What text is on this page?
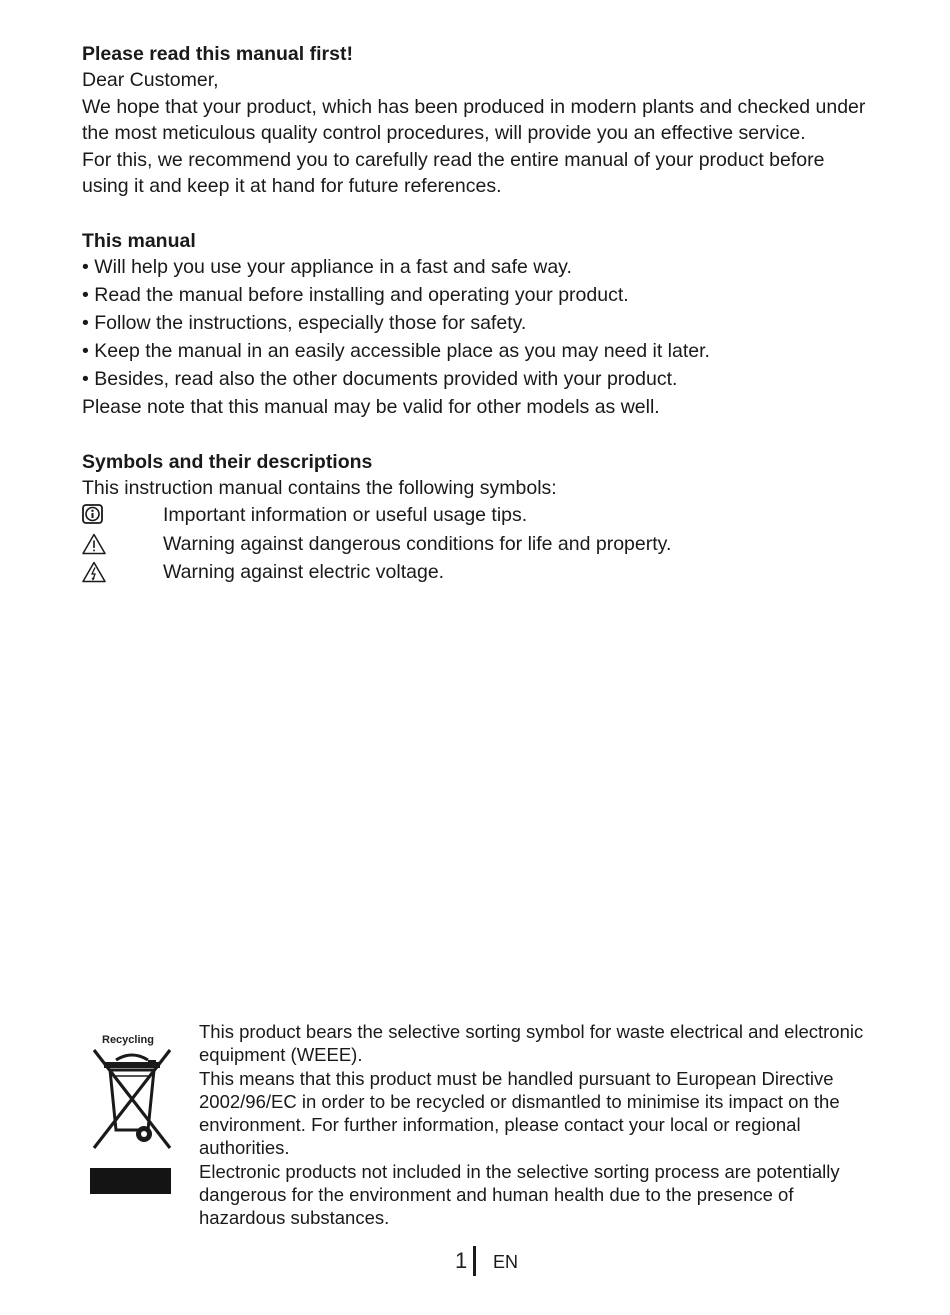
Please read this manual first!

Dear Customer,

We hope that your product, which has been produced in modern plants and checked under the most meticulous quality control procedures, will provide you an effective service.

For this, we recommend you to carefully read the entire manual of your product before using it and keep it at hand for future references.

This manual

• Will help you use your appliance in a fast and safe way.

• Read the manual before installing and operating your product.

• Follow the instructions, especially those for safety.

• Keep the manual in an easily accessible place as you may need it later.

• Besides, read also the other documents provided with your product.

Please note that this manual may be valid for other models as well.

Symbols and their descriptions

This instruction manual contains the following symbols:

Important information or useful usage tips.
Warning against dangerous conditions for life and property.
Warning against electric voltage.
Recycling This product bears the selective sorting symbol for waste electrical and electronic equipment (WEEE).

This means that this product must be handled pursuant to European Directive 2002/96/EC in order to be recycled or dismantled to minimise its impact on the environment. For further information, please contact your local or regional authorities.

Electronic products not included in the selective sorting process are potentially dangerous for the environment and human health due to the presence of hazardous substances.

1 EN
